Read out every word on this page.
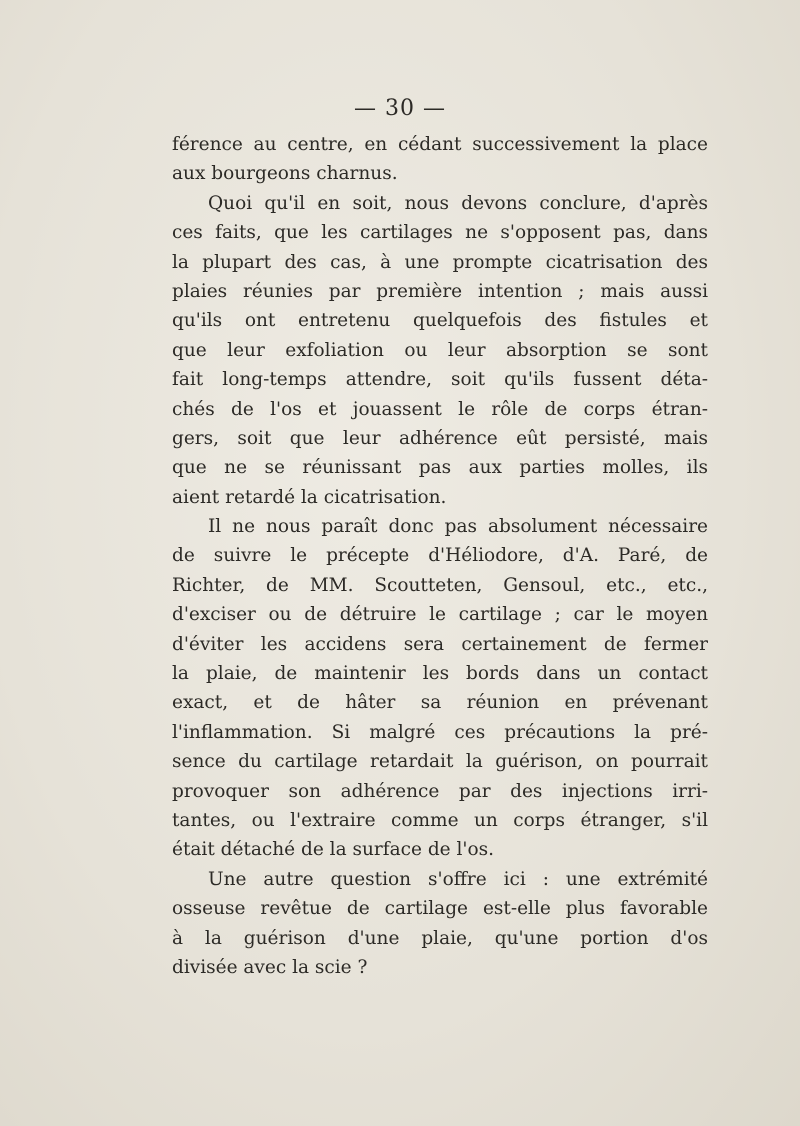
— 30 —
férence au centre, en cédant successivement la place
aux bourgeons charnus.
Quoi qu'il en soit, nous devons conclure, d'après
ces faits, que les cartilages ne s'opposent pas, dans
la plupart des cas, à une prompte cicatrisation des
plaies réunies par première intention ; mais aussi
qu'ils ont entretenu quelquefois des fistules et
que leur exfoliation ou leur absorption se sont
fait long-temps attendre, soit qu'ils fussent déta-
chés de l'os et jouassent le rôle de corps étran-
gers, soit que leur adhérence eût persisté, mais
que ne se réunissant pas aux parties molles, ils
aient retardé la cicatrisation.
Il ne nous paraît donc pas absolument nécessaire
de suivre le précepte d'Héliodore, d'A. Paré, de
Richter, de MM. Scoutteten, Gensoul, etc., etc.,
d'exciser ou de détruire le cartilage ; car le moyen
d'éviter les accidens sera certainement de fermer
la plaie, de maintenir les bords dans un contact
exact, et de hâter sa réunion en prévenant
l'inflammation. Si malgré ces précautions la pré-
sence du cartilage retardait la guérison, on pourrait
provoquer son adhérence par des injections irri-
tantes, ou l'extraire comme un corps étranger, s'il
était détaché de la surface de l'os.
Une autre question s'offre ici : une extrémité
osseuse revêtue de cartilage est-elle plus favorable
à la guérison d'une plaie, qu'une portion d'os
divisée avec la scie ?
